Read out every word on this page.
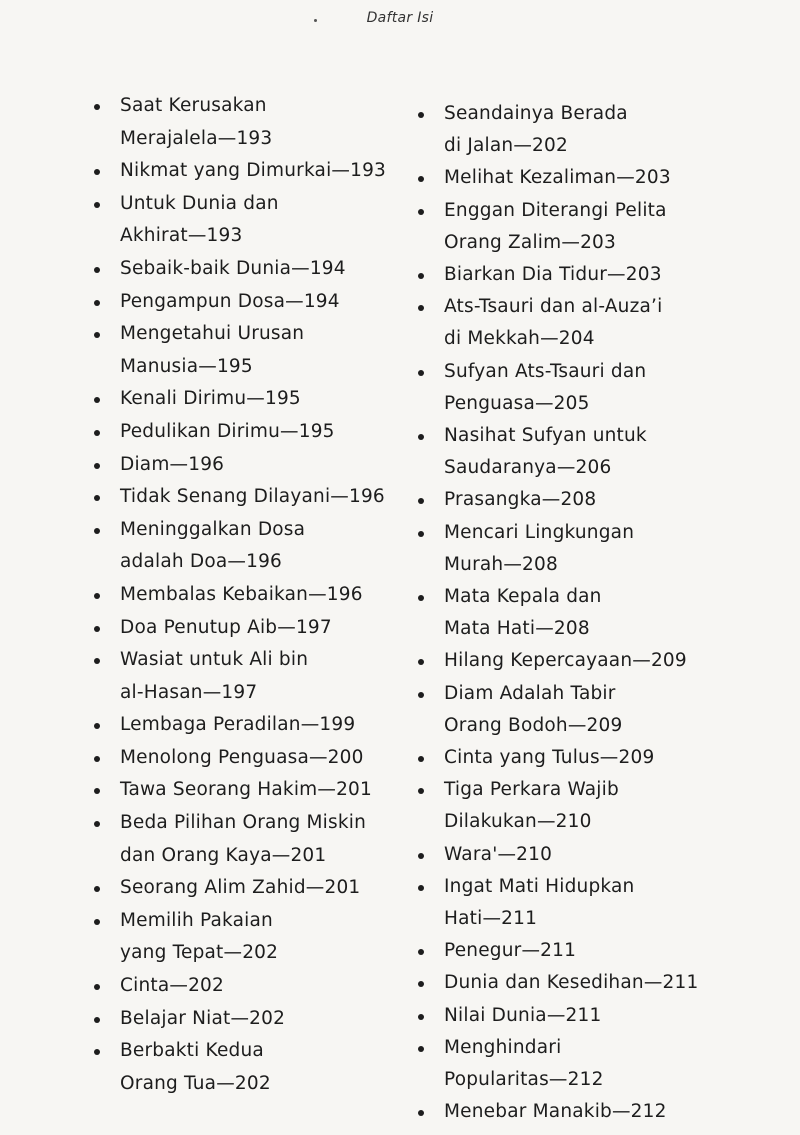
Daftar Isi
Saat Kerusakan
Merajalela—193
Nikmat yang Dimurkai—193
Untuk Dunia dan
Akhirat—193
Sebaik-baik Dunia—194
Pengampun Dosa—194
Mengetahui Urusan
Manusia—195
Kenali Dirimu—195
Pedulikan Dirimu—195
Diam—196
Tidak Senang Dilayani—196
Meninggalkan Dosa
adalah Doa—196
Membalas Kebaikan—196
Doa Penutup Aib—197
Wasiat untuk Ali bin
al-Hasan—197
Lembaga Peradilan—199
Menolong Penguasa—200
Tawa Seorang Hakim—201
Beda Pilihan Orang Miskin
dan Orang Kaya—201
Seorang Alim Zahid—201
Memilih Pakaian
yang Tepat—202
Cinta—202
Belajar Niat—202
Berbakti Kedua
Orang Tua—202
Seandainya Berada
di Jalan—202
Melihat Kezaliman—203
Enggan Diterangi Pelita
Orang Zalim—203
Biarkan Dia Tidur—203
Ats-Tsauri dan al-Auza’i
di Mekkah—204
Sufyan Ats-Tsauri dan
Penguasa—205
Nasihat Sufyan untuk
Saudaranya—206
Prasangka—208
Mencari Lingkungan
Murah—208
Mata Kepala dan
Mata Hati—208
Hilang Kepercayaan—209
Diam Adalah Tabir
Orang Bodoh—209
Cinta yang Tulus—209
Tiga Perkara Wajib
Dilakukan—210
Wara'—210
Ingat Mati Hidupkan
Hati—211
Penegur—211
Dunia dan Kesedihan—211
Nilai Dunia—211
Menghindari
Popularitas—212
Menebar Manakib—212
